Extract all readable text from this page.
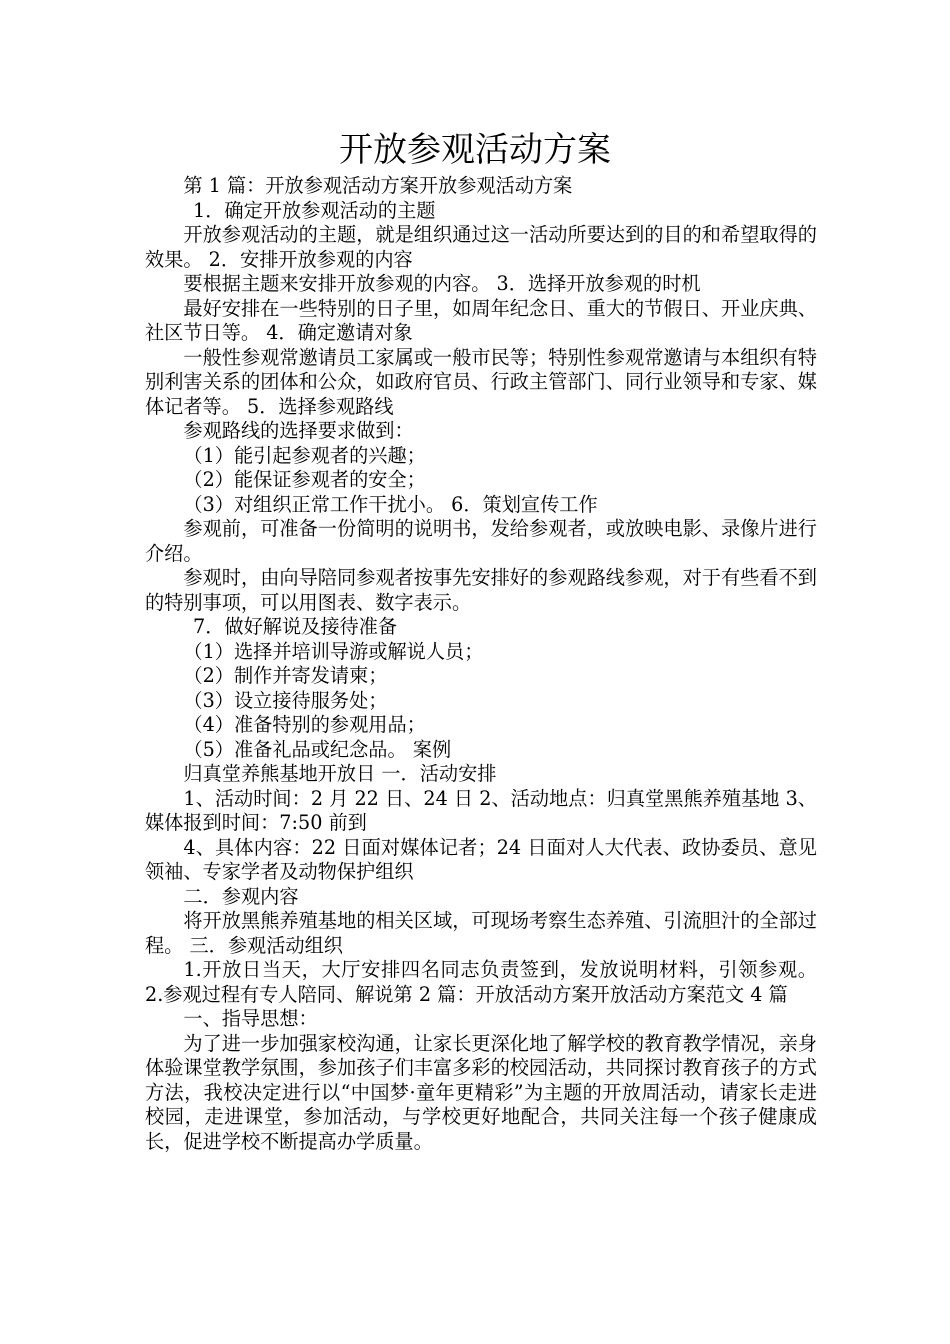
开放参观活动方案

第 1 篇：开放参观活动方案开放参观活动方案

1．确定开放参观活动的主题

开放参观活动的主题，就是组织通过这一活动所要达到的目的和希望取得的效果。 2．安排开放参观的内容

要根据主题来安排开放参观的内容。 3．选择开放参观的时机

最好安排在一些特别的日子里，如周年纪念日、重大的节假日、开业庆典、社区节日等。 4．确定邀请对象

一般性参观常邀请员工家属或一般市民等；特别性参观常邀请与本组织有特别利害关系的团体和公众，如政府官员、行政主管部门、同行业领导和专家、媒体记者等。 5．选择参观路线

参观路线的选择要求做到：

（1）能引起参观者的兴趣；

（2）能保证参观者的安全；

（3）对组织正常工作干扰小。 6．策划宣传工作

参观前，可准备一份简明的说明书，发给参观者，或放映电影、录像片进行介绍。

参观时，由向导陪同参观者按事先安排好的参观路线参观，对于有些看不到的特别事项，可以用图表、数字表示。

7．做好解说及接待准备

（1）选择并培训导游或解说人员；

（2）制作并寄发请柬；

（3）设立接待服务处；

（4）准备特别的参观用品；

（5）准备礼品或纪念品。 案例

归真堂养熊基地开放日 一．活动安排

1、活动时间：2 月 22 日、24 日 2、活动地点：归真堂黑熊养殖基地 3、媒体报到时间：7:50 前到

4、具体内容：22 日面对媒体记者；24 日面对人大代表、政协委员、意见领袖、专家学者及动物保护组织

二．参观内容

将开放黑熊养殖基地的相关区域，可现场考察生态养殖、引流胆汁的全部过程。 三．参观活动组织

1.开放日当天，大厅安排四名同志负责签到，发放说明材料，引领参观。 2.参观过程有专人陪同、解说第 2 篇：开放活动方案开放活动方案范文 4 篇

一、指导思想：

为了进一步加强家校沟通，让家长更深化地了解学校的教育教学情况，亲身体验课堂教学氛围，参加孩子们丰富多彩的校园活动，共同探讨教育孩子的方式方法，我校决定进行以“中国梦·童年更精彩”为主题的开放周活动，请家长走进校园，走进课堂，参加活动，与学校更好地配合，共同关注每一个孩子健康成长，促进学校不断提高办学质量。
